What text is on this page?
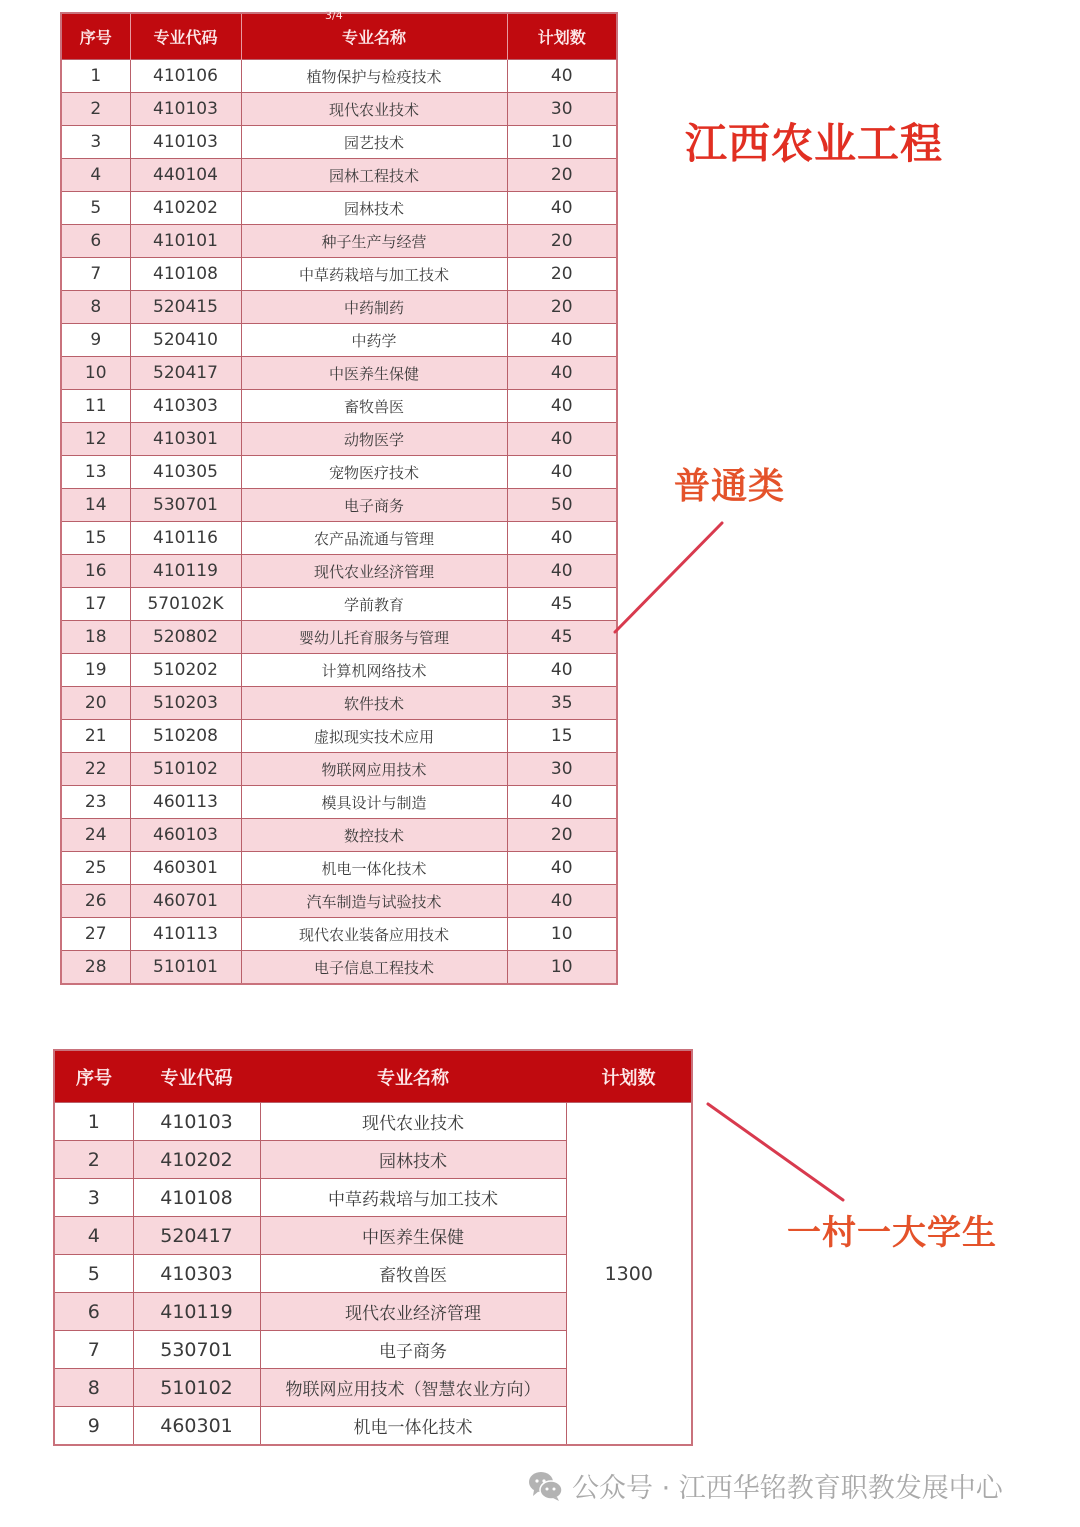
序号	专业代码	专业名称	计划数
1	410106	植物保护与检疫技术	40
2	410103	现代农业技术	30
3	410103	园艺技术	10
4	440104	园林工程技术	20
5	410202	园林技术	40
6	410101	种子生产与经营	20
7	410108	中草药栽培与加工技术	20
8	520415	中药制药	20
9	520410	中药学	40
10	520417	中医养生保健	40
11	410303	畜牧兽医	40
12	410301	动物医学	40
13	410305	宠物医疗技术	40
14	530701	电子商务	50
15	410116	农产品流通与管理	40
16	410119	现代农业经济管理	40
17	570102K	学前教育	45
18	520802	婴幼儿托育服务与管理	45
19	510202	计算机网络技术	40
20	510203	软件技术	35
21	510208	虚拟现实技术应用	15
22	510102	物联网应用技术	30
23	460113	模具设计与制造	40
24	460103	数控技术	20
25	460301	机电一体化技术	40
26	460701	汽车制造与试验技术	40
27	410113	现代农业装备应用技术	10
28	510101	电子信息工程技术	10
3/4
江西农业工程
普通类
一村一大学生
序号	专业代码	专业名称	计划数
1	410103	现代农业技术	1300
2	410202	园林技术	
3	410108	中草药栽培与加工技术	
4	520417	中医养生保健	
5	410303	畜牧兽医	
6	410119	现代农业经济管理	
7	530701	电子商务	
8	510102	物联网应用技术（智慧农业方向）	
9	460301	机电一体化技术	
公众号 · 江西华铭教育职教发展中心
